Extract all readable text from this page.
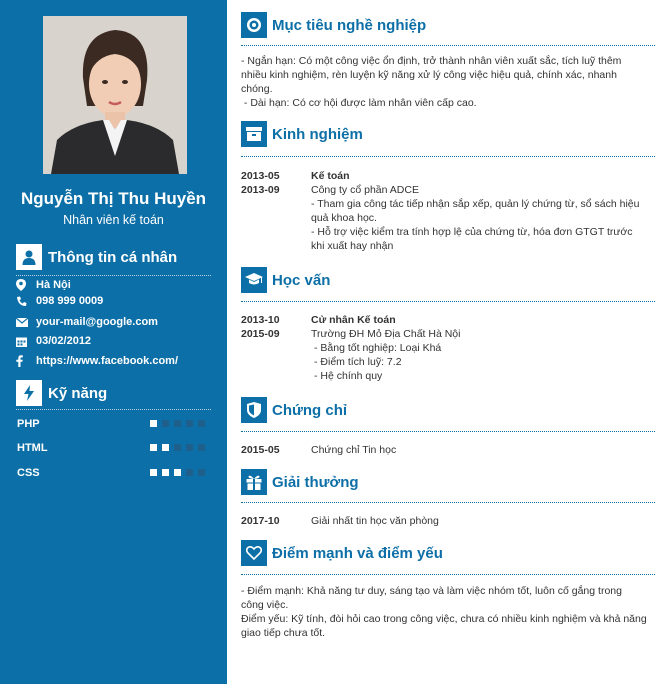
Nguyễn Thị Thu Huyền
Nhân viên kế toán
Thông tin cá nhân
Hà Nội
098 999 0009
your-mail@google.com
03/02/2012
https://www.facebook.com/
Kỹ năng
PHP
HTML
CSS
Mục tiêu nghề nghiệp
- Ngắn hạn: Có một công việc ổn định, trở thành nhân viên xuất sắc, tích luỹ thêm
nhiều kinh nghiệm, rèn luyện kỹ năng xử lý công việc hiệu quả, chính xác, nhanh
chóng.
- Dài hạn: Có cơ hội được làm nhân viên cấp cao.
Kinh nghiệm
2013-05
2013-09
Kế toán
Công ty cổ phần ADCE
- Tham gia công tác tiếp nhận sắp xếp, quản lý chứng từ, sổ sách hiệu
quả khoa học.
- Hỗ trợ việc kiểm tra tính hợp lệ của chứng từ, hóa đơn GTGT trước
khi xuất hay nhận
Học vấn
2013-10
2015-09
Cử nhân Kế toán
Trường ĐH Mỏ Địa Chất Hà Nội
- Bằng tốt nghiệp: Loại Khá
- Điểm tích luỹ: 7.2
- Hệ chính quy
Chứng chỉ
2015-05	Chứng chỉ Tin học
Giải thưởng
2017-10	Giải nhất tin học văn phòng
Điểm mạnh và điểm yếu
- Điểm mạnh: Khả năng tư duy, sáng tạo và làm việc nhóm tốt, luôn cố gắng trong
công việc.
Điểm yếu: Kỹ tính, đòi hỏi cao trong công việc, chưa có nhiều kinh nghiệm và khả năng
giao tiếp chưa tốt.
